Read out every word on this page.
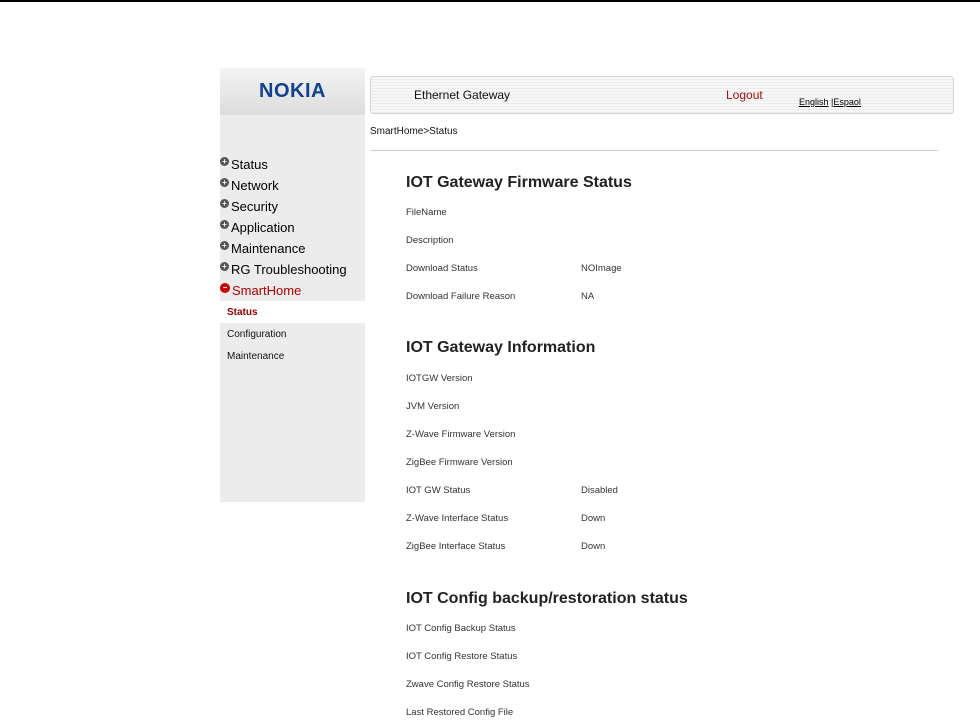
NOKIA
+ Status
+ Network
+ Security
+ Application
+ Maintenance
+ RG Troubleshooting
− SmartHome
Status
Configuration
Maintenance
Ethernet Gateway	Logout	English |Espaol
SmartHome>Status
IOT Gateway Firmware Status
FileName
Description
Download Status	NOImage
Download Failure Reason	NA
IOT Gateway Information
IOTGW Version
JVM Version
Z-Wave Firmware Version
ZigBee Firmware Version
IOT GW Status	Disabled
Z-Wave Interface Status	Down
ZigBee Interface Status	Down
IOT Config backup/restoration status
IOT Config Backup Status
IOT Config Restore Status
Zwave Config Restore Status
Last Restored Config File
